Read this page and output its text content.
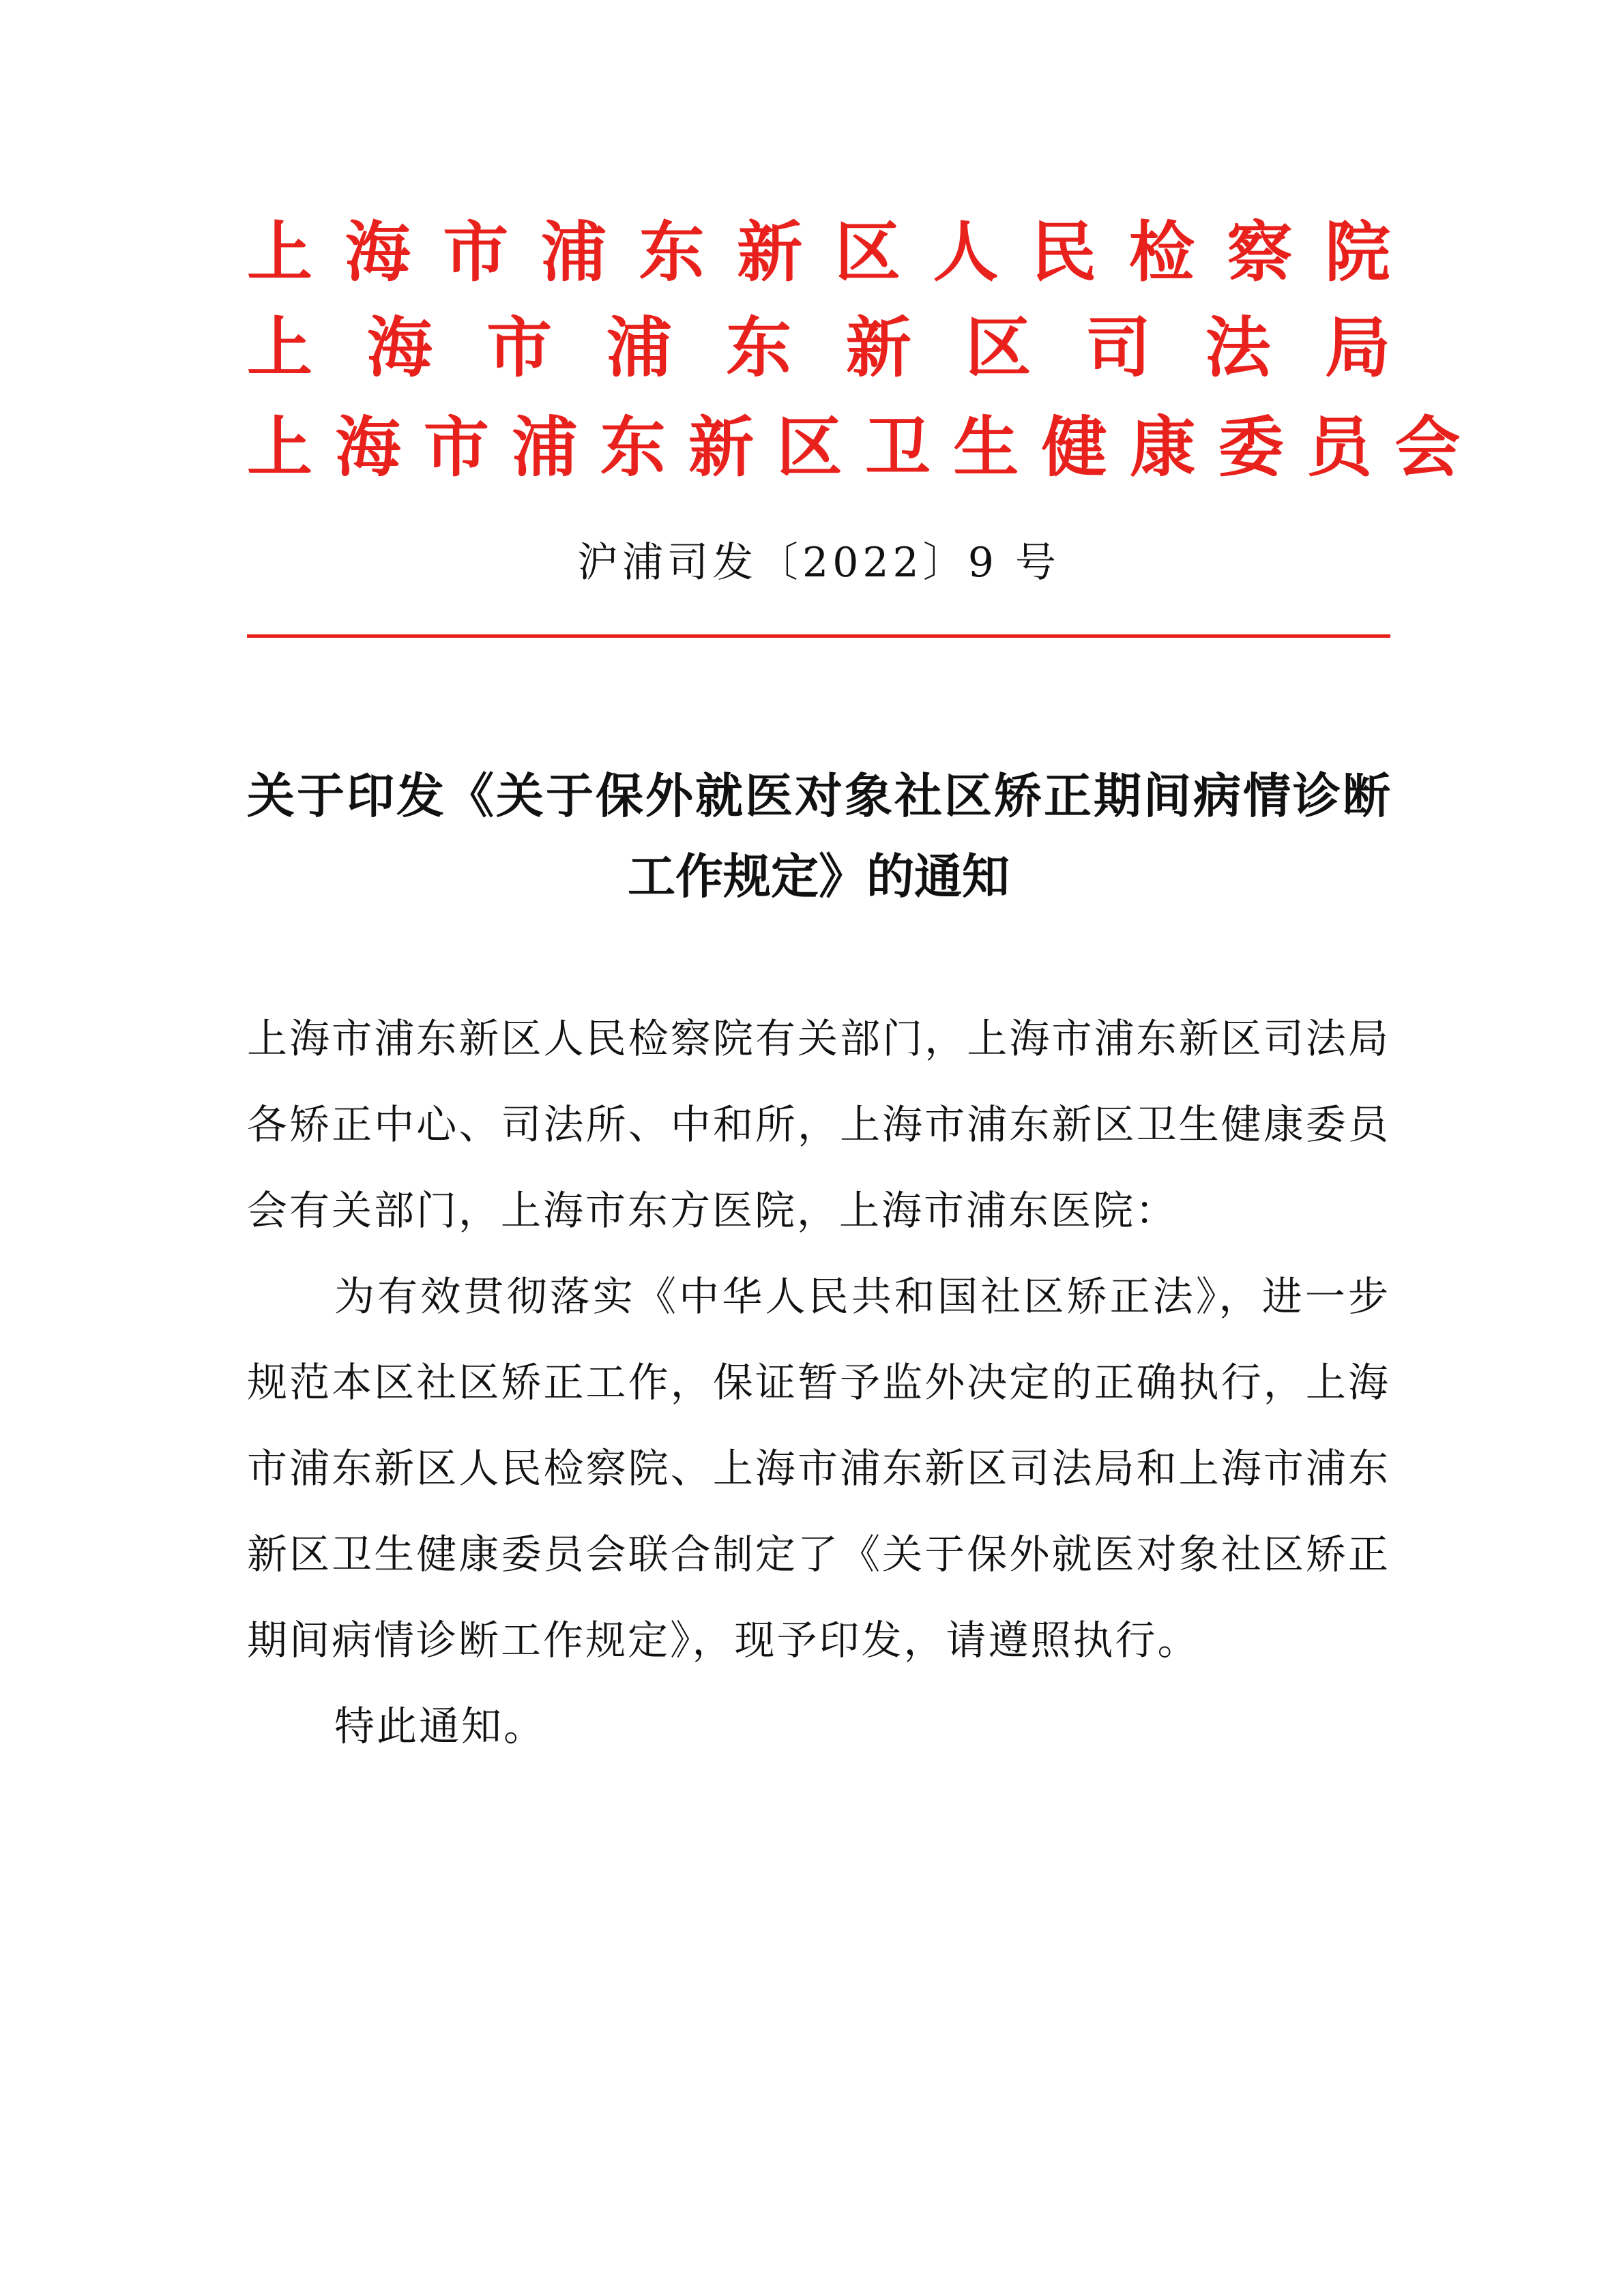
上 海 市 浦 东 新 区 人 民 检 察 院
上 海 市 浦 东 新 区 司 法 局
上 海 市 浦 东 新 区 卫 生 健 康 委 员 会
沪浦司发〔2022〕9 号
关于印发《关于保外就医对象社区矫正期间病情诊断
工作规定》的通知

上海市浦东新区人民检察院有关部门，上海市浦东新区司法局各矫正中心、司法所、中和所，上海市浦东新区卫生健康委员会有关部门，上海市东方医院，上海市浦东医院：

为有效贯彻落实《中华人民共和国社区矫正法》，进一步规范本区社区矫正工作，保证暂予监外决定的正确执行，上海市浦东新区人民检察院、上海市浦东新区司法局和上海市浦东新区卫生健康委员会联合制定了《关于保外就医对象社区矫正期间病情诊断工作规定》，现予印发，请遵照执行。

特此通知。
